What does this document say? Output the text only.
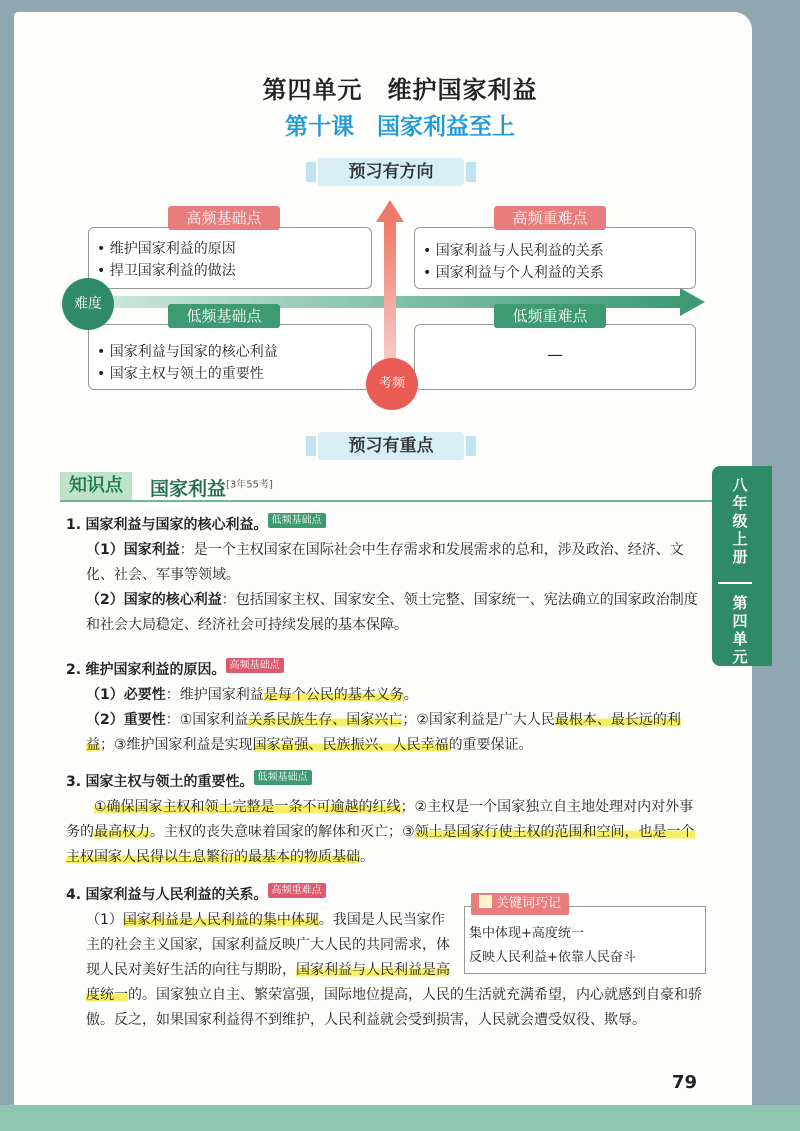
第四单元　维护国家利益
第十课　国家利益至上
预习有方向
• 维护国家利益的原因
• 捍卫国家利益的做法
高频基础点
• 国家利益与人民利益的关系
• 国家利益与个人利益的关系
高频重难点
• 国家利益与国家的核心利益
• 国家主权与领土的重要性
低频基础点
—
低频重难点
难度
考频
预习有重点
知识点	国家利益[3年55考]	八年级上册
第四单元
1. 国家利益与国家的核心利益。 低频基础点
（1）国家利益：是一个主权国家在国际社会中生存需求和发展需求的总和，涉及政治、经济、文化、社会、军事等领域。
（2）国家的核心利益：包括国家主权、国家安全、领土完整、国家统一、宪法确立的国家政治制度和社会大局稳定、经济社会可持续发展的基本保障。
2. 维护国家利益的原因。 高频基础点
（1）必要性：维护国家利益是每个公民的基本义务。
（2）重要性：①国家利益关系民族生存、国家兴亡；②国家利益是广大人民最根本、最长远的利益；③维护国家利益是实现国家富强、民族振兴、人民幸福的重要保证。
3. 国家主权与领土的重要性。 低频基础点
①确保国家主权和领土完整是一条不可逾越的红线；②主权是一个国家独立自主地处理对内对外事务的最高权力。主权的丧失意味着国家的解体和灭亡；③领土是国家行使主权的范围和空间，也是一个主权国家人民得以生息繁衍的最基本的物质基础。
4. 国家利益与人民利益的关系。 高频重难点
（1）国家利益是人民利益的集中体现。我国是人民当家作主的社会主义国家，国家利益反映广大人民的共同需求，体现人民对美好生活的向往与期盼，国家利益与人民利益是高度统一的。国家独立自主、繁荣富强，国际地位提高，人民的生活就充满希望，内心就感到自豪和骄傲。反之，如果国家利益得不到维护，人民利益就会受到损害，人民就会遭受奴役、欺辱。
关键词巧记
集中体现+高度统一
反映人民利益+依靠人民奋斗
79
